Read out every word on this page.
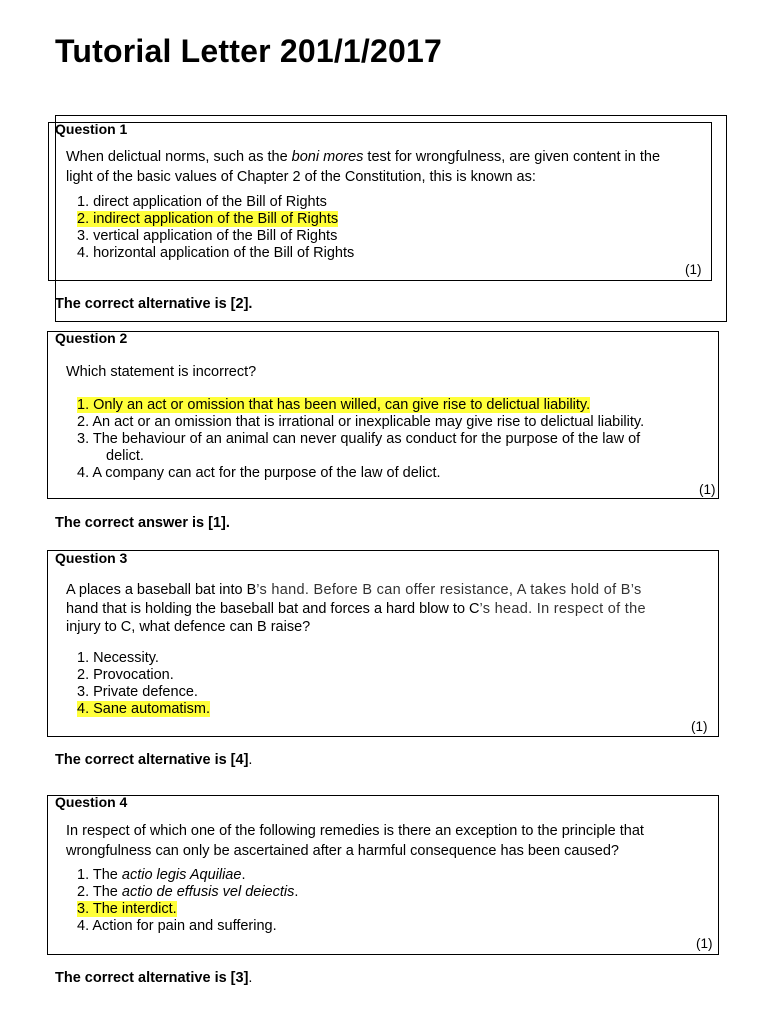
Tutorial Letter 201/1/2017

Question 1

When delictual norms, such as the boni mores test for wrongfulness, are given content in the light of the basic values of Chapter 2 of the Constitution, this is known as:

1. direct application of the Bill of Rights
2. indirect application of the Bill of Rights
3. vertical application of the Bill of Rights
4. horizontal application of the Bill of Rights
(1)

The correct alternative is [2].

Question 2

Which statement is incorrect?

1. Only an act or omission that has been willed, can give rise to delictual liability.
2. An act or an omission that is irrational or inexplicable may give rise to delictual liability.
3. The behaviour of an animal can never qualify as conduct for the purpose of the law of
delict.
4. A company can act for the purpose of the law of delict.
(1)

The correct answer is [1].

Question 3

A places a baseball bat into B’s hand. Before B can offer resistance, A takes hold of B’s
hand that is holding the baseball bat and forces a hard blow to C’s head. In respect of the
injury to C, what defence can B raise?

1. Necessity.
2. Provocation.
3. Private defence.
4. Sane automatism.
(1)

The correct alternative is [4].

Question 4

In respect of which one of the following remedies is there an exception to the principle that wrongfulness can only be ascertained after a harmful consequence has been caused?

1. The actio legis Aquiliae.
2. The actio de effusis vel deiectis.
3. The interdict.
4. Action for pain and suffering.
(1)

The correct alternative is [3].
